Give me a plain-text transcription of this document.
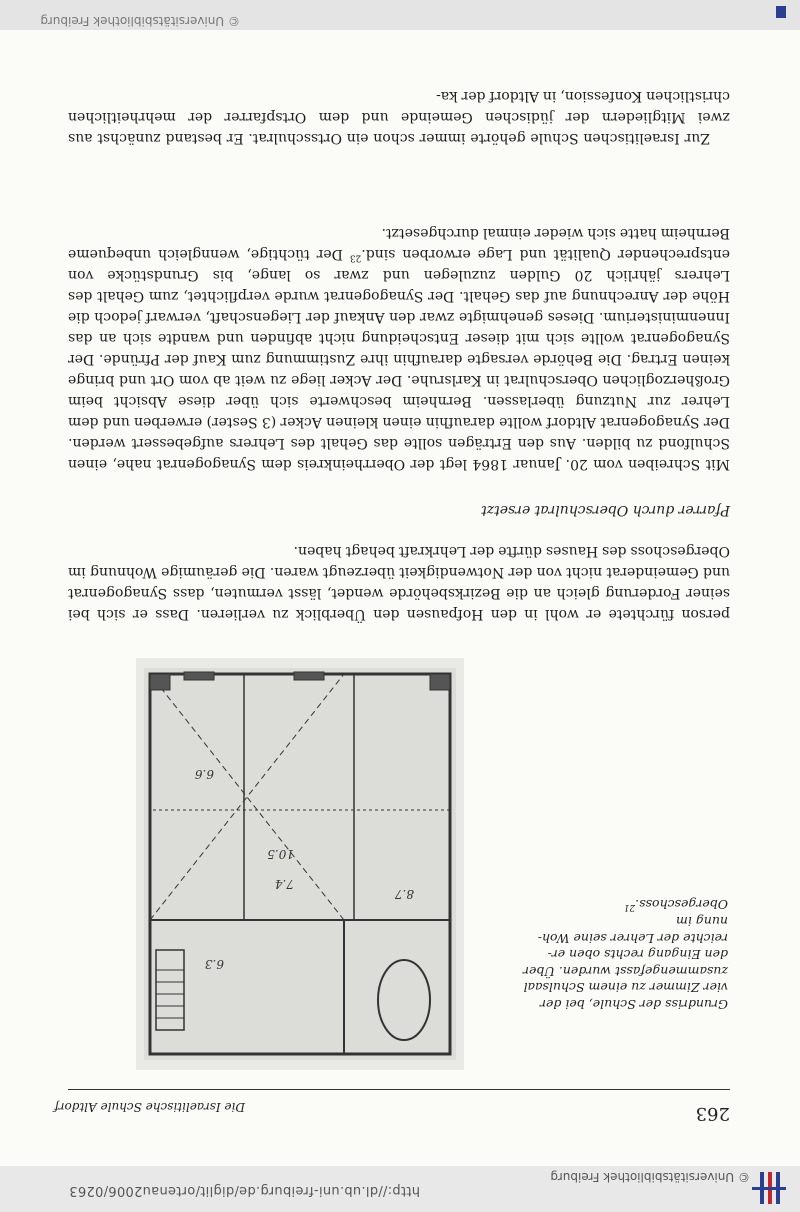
© Universitätsbibliothek Freiburg
http://dl.ub.uni-freiburg.de/diglit/ortenau2006/0263
263
Die Israelitische Schule Altdorf
10.5
7.4
6.3
8.7
6.6
Grundriss der Schule, bei der
vier Zimmer zu einem Schulsaal
zusammengefasst wurden. Über
den Eingang rechts oben er-
reichte der Lehrer seine Woh-
nung im
Obergeschoss.$^{21}$

person fürchtete er wohl in den Hofpausen den Überblick zu verlieren. Dass er sich bei seiner Forderung gleich an die Bezirksbehörde wendet, lässt vermuten, dass Synagogenrat und Gemeinderat nicht von der Notwendigkeit überzeugt waren. Die geräumige Wohnung im Obergeschoss des Hauses dürfte der Lehrkraft behagt haben.

Pfarrer durch Oberschulrat ersetzt

Mit Schreiben vom 20. Januar 1864 legt der Oberrheinkreis dem Synagogenrat nahe, einen Schulfond zu bilden. Aus den Erträgen sollte das Gehalt des Lehrers aufgebessert werden. Der Synagogenrat Altdorf wollte daraufhin einen kleinen Acker (3 Sester) erwerben und dem Lehrer zur Nutzung überlassen. Bernheim beschwerte sich über diese Absicht beim Großherzoglichen Oberschulrat in Karlsruhe. Der Acker liege zu weit ab vom Ort und bringe keinen Ertrag. Die Behörde versagte daraufhin ihre Zustimmung zum Kauf der Pfründe. Der Synagogenrat wollte sich mit dieser Entscheidung nicht abfinden und wandte sich an das Innenministerium. Dieses genehmigte zwar den Ankauf der Liegenschaft, verwarf jedoch die Höhe der Anrechnung auf das Gehalt. Der Synagogenrat wurde verpflichtet, zum Gehalt des Lehrers jährlich 20 Gulden zuzulegen und zwar so lange, bis Grundstücke von entsprechender Qualität und Lage erworben sind.$^{23}$ Der tüchtige, wenngleich unbequeme Bernheim hatte sich wieder einmal durchgesetzt.

Zur Israelitischen Schule gehörte immer schon ein Ortsschulrat. Er bestand zunächst aus zwei Mitgliedern der jüdischen Gemeinde und dem Ortspfarrer der mehrheitlichen christlichen Konfession, in Altdorf der ka-

© Universitätsbibliothek Freiburg
